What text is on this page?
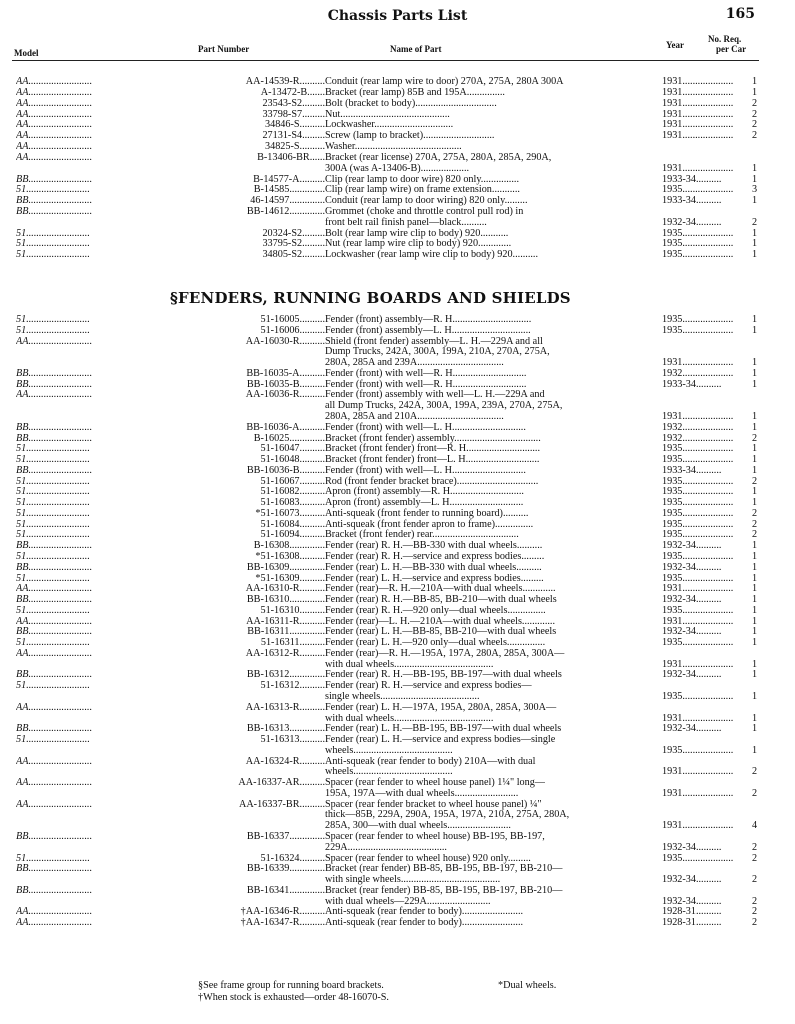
Chassis Parts List	165
Model	Part Number	Name of Part	Year
No. Req.
per Car
AA.........................	AA-14539-R.......... Conduit (rear lamp wire to door) 270A, 275A, 280A 300A	1931....................	1
AA.........................	A-13472-B....... Bracket (rear lamp) 85B and 195A...............	1931....................	1
AA.........................	23543-S2......... Bolt (bracket to body)................................	1931....................	2
AA.........................	33798-S7......... Nut...........................................	1931....................	2
AA.........................	34846-S.......... Lockwasher...............................	1931....................	2
AA.........................	27131-S4......... Screw (lamp to bracket)............................	1931....................	2
AA.........................	34825-S.......... Washer..........................................
AA.........................	B-13406-BR...... Bracket (rear license) 270A, 275A, 280A, 285A, 290A,
300A (was A-13406-B)...................	1931....................	1
BB.........................	B-14577-A.......... Clip (rear lamp to door wire) 820 only...............	1933-34..........	1
51.........................	B-14585.............. Clip (rear lamp wire) on frame extension...........	1935....................	3
BB.........................	46-14597.............. Conduit (rear lamp to door wiring) 820 only.........	1933-34..........	1
BB.........................	BB-14612.............. Grommet (choke and throttle control pull rod) in
front belt rail finish panel—black..........	1932-34..........	2
51.........................	20324-S2......... Bolt (rear lamp wire clip to body) 920...........	1935....................	1
51.........................	33795-S2......... Nut (rear lamp wire clip to body) 920.............	1935....................	1
51.........................	34805-S2......... Lockwasher (rear lamp wire clip to body) 920..........	1935....................	1
51.........................	51-16005.......... Fender (front) assembly—R. H...............................	1935....................	1
51.........................	51-16006.......... Fender (front) assembly—L. H...............................	1935....................	1
AA.........................	AA-16030-R.......... Shield (front fender) assembly—L. H.—229A and all
Dump Trucks, 242A, 300A, 199A, 210A, 270A, 275A,
280A, 285A and 239A..................................	1931....................	1
BB.........................	BB-16035-A.......... Fender (front) with well—R. H.............................	1932....................	1
BB.........................	BB-16035-B.......... Fender (front) with well—R. H.............................	1933-34..........	1
AA.........................	AA-16036-R.......... Fender (front) assembly with well—L. H.—229A and
all Dump Trucks, 242A, 300A, 199A, 239A, 270A, 275A,
280A, 285A and 210A..................................	1931....................	1
BB.........................	BB-16036-A.......... Fender (front) with well—L. H.............................	1932....................	1
BB.........................	B-16025.............. Bracket (front fender) assembly..................................	1932....................	2
51.........................	51-16047.......... Bracket (front fender) front—R. H.............................	1935....................	1
51.........................	51-16048.......... Bracket (front fender) front—L. H.............................	1935....................	1
BB.........................	BB-16036-B.......... Fender (front) with well—L. H.............................	1933-34..........	1
51.........................	51-16067.......... Rod (front fender bracket brace)................................	1935....................	2
51.........................	51-16082.......... Apron (front) assembly—R. H.............................	1935....................	1
51.........................	51-16083.......... Apron (front) assembly—L. H.............................	1935....................	1
51.........................	*51-16073.......... Anti-squeak (front fender to running board)..........	1935....................	2
51.........................	51-16084.......... Anti-squeak (front fender apron to frame)...............	1935....................	2
51.........................	51-16094.......... Bracket (front fender) rear..................................	1935....................	2
BB.........................	B-16308.............. Fender (rear) R. H.—BB-330 with dual wheels..........	1932-34..........	1
51.........................	*51-16308.......... Fender (rear) R. H.—service and express bodies.........	1935....................	1
BB.........................	BB-16309.............. Fender (rear) L. H.—BB-330 with dual wheels..........	1932-34..........	1
51.........................	*51-16309.......... Fender (rear) L. H.—service and express bodies.........	1935....................	1
AA.........................	AA-16310-R.......... Fender (rear)—R. H.—210A—with dual wheels.............	1931....................	1
BB.........................	BB-16310.............. Fender (rear) R. H.—BB-85, BB-210—with dual wheels	1932-34..........	1
51.........................	51-16310.......... Fender (rear) R. H.—920 only—dual wheels...............	1935....................	1
AA.........................	AA-16311-R.......... Fender (rear)—L. H.—210A—with dual wheels.............	1931....................	1
BB.........................	BB-16311.............. Fender (rear) L. H.—BB-85, BB-210—with dual wheels	1932-34..........	1
51.........................	51-16311.......... Fender (rear) L. H.—920 only—dual wheels...............	1935....................	1
AA.........................	AA-16312-R.......... Fender (rear)—R. H.—195A, 197A, 280A, 285A, 300A—
with dual wheels.......................................	1931....................	1
BB.........................	BB-16312.............. Fender (rear) R. H.—BB-195, BB-197—with dual wheels	1932-34..........	1
51.........................	51-16312.......... Fender (rear) R. H.—service and express bodies—
single wheels.......................................	1935....................	1
AA.........................	AA-16313-R.......... Fender (rear) L. H.—197A, 195A, 280A, 285A, 300A—
with dual wheels.......................................	1931....................	1
BB.........................	BB-16313.............. Fender (rear) L. H.—BB-195, BB-197—with dual wheels	1932-34..........	1
51.........................	51-16313.......... Fender (rear) L. H.—service and express bodies—single
wheels.......................................	1935....................	1
AA.........................	AA-16324-R.......... Anti-squeak (rear fender to body) 210A—with dual
wheels.......................................	1931....................	2
AA.........................	AA-16337-AR.......... Spacer (rear fender to wheel house panel) 1¼" long—
195A, 197A—with dual wheels.........................	1931....................	2
AA.........................	AA-16337-BR.......... Spacer (rear fender bracket to wheel house panel) ¼"
thick—85B, 229A, 290A, 195A, 197A, 210A, 275A, 280A,
285A, 300—with dual wheels.........................	1931....................	4
BB.........................	BB-16337.............. Spacer (rear fender to wheel house) BB-195, BB-197,
229A.......................................	1932-34..........	2
51.........................	51-16324.......... Spacer (rear fender to wheel house) 920 only.........	1935....................	2
BB.........................	BB-16339.............. Bracket (rear fender) BB-85, BB-195, BB-197, BB-210—
with single wheels.......................................	1932-34..........	2
BB.........................	BB-16341.............. Bracket (rear fender) BB-85, BB-195, BB-197, BB-210—
with dual wheels—229A.........................	1932-34..........	2
AA.........................	†AA-16346-R.......... Anti-squeak (rear fender to body)........................	1928-31..........	2
AA.........................	†AA-16347-R.......... Anti-squeak (rear fender to body)........................	1928-31..........	2
§FENDERS, RUNNING BOARDS AND SHIELDS
§See frame group for running board brackets.	*Dual wheels.
†When stock is exhausted—order 48-16070-S.
